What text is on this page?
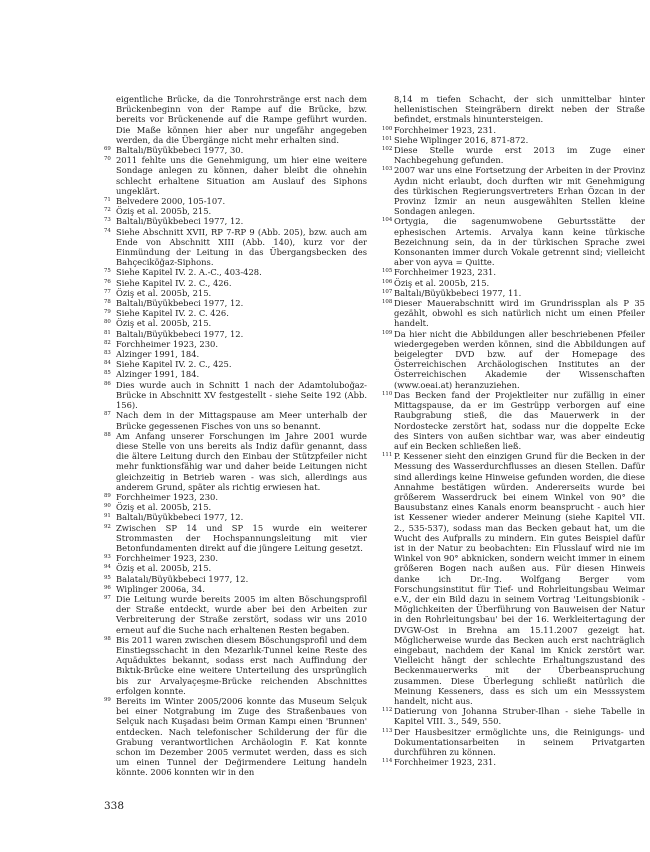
eigentliche Brücke, da die Tonrohrstränge erst nach dem Brückenbeginn von der Rampe auf die Brücke, bzw. bereits vor Brückenende auf die Rampe geführt wurden. Die Maße können hier aber nur ungefähr angegeben werden, da die Übergänge nicht mehr erhalten sind.

69 Baltalı/Büyükbebeci 1977, 30.

70 2011 fehlte uns die Genehmigung, um hier eine weitere Sondage anlegen zu können, daher bleibt die ohnehin schlecht erhaltene Situation am Auslauf des Siphons ungeklärt.

71 Belvedere 2000, 105-107.

72 Öziş et al. 2005b, 215.

73 Baltalı/Büyükbebeci 1977, 12.

74 Siehe Abschnitt XVII, RP 7-RP 9 (Abb. 205), bzw. auch am Ende von Abschnitt XIII (Abb. 140), kurz vor der Einmündung der Leitung in das Übergangsbecken des Bahçeciköğaz-Siphons.

75 Siehe Kapitel IV. 2. A.-C., 403-428.

76 Siehe Kapitel IV. 2. C., 426.

77 Öziş et al. 2005b, 215.

78 Baltalı/Büyükbebeci 1977, 12.

79 Siehe Kapitel IV. 2. C. 426.

80 Öziş et al. 2005b, 215.

81 Baltalı/Büyükbebeci 1977, 12.

82 Forchheimer 1923, 230.

83 Alzinger 1991, 184.

84 Siehe Kapitel IV. 2. C., 425.

85 Alzinger 1991, 184.

86 Dies wurde auch in Schnitt 1 nach der Adamtoluboğaz-Brücke in Abschnitt XV festgestellt - siehe Seite 192 (Abb. 156).

87 Nach dem in der Mittagspause am Meer unterhalb der Brücke gegessenen Fisches von uns so benannt.

88 Am Anfang unserer Forschungen im Jahre 2001 wurde diese Stelle von uns bereits als Indiz dafür genannt, dass die ältere Leitung durch den Einbau der Stützpfeiler nicht mehr funktionsfähig war und daher beide Leitungen nicht gleichzeitig in Betrieb waren - was sich, allerdings aus anderem Grund, später als richtig erwiesen hat.

89 Forchheimer 1923, 230.

90 Öziş et al. 2005b, 215.

91 Baltalı/Büyükbebeci 1977, 12.

92 Zwischen SP 14 und SP 15 wurde ein weiterer Strommasten der Hochspannungsleitung mit vier Betonfundamenten direkt auf die jüngere Leitung gesetzt.

93 Forchheimer 1923, 230.

94 Öziş et al. 2005b, 215.

95 Balatalı/Büyükbebeci 1977, 12.

96 Wiplinger 2006a, 34.

97 Die Leitung wurde bereits 2005 im alten Böschungsprofil der Straße entdeckt, wurde aber bei den Arbeiten zur Verbreiterung der Straße zerstört, sodass wir uns 2010 erneut auf die Suche nach erhaltenen Resten begaben.

98 Bis 2011 waren zwischen diesem Böschungsprofil und dem Einstiegsschacht in den Mezarlık-Tunnel keine Reste des Aquäduktes bekannt, sodass erst nach Auffindung der Bıktık-Brücke eine weitere Unterteilung des ursprünglich bis zur Arvalyaçeşme-Brücke reichenden Abschnittes erfolgen konnte.

99 Bereits im Winter 2005/2006 konnte das Museum Selçuk bei einer Notgrabung im Zuge des Straßenbaues von Selçuk nach Kuşadası beim Orman Kampı einen 'Brunnen' entdecken. Nach telefonischer Schilderung der für die Grabung verantwortlichen Archäologin F. Kat konnte schon im Dezember 2005 vermutet werden, dass es sich um einen Tunnel der Değirmendere Leitung handeln könnte. 2006 konnten wir in den

8,14 m tiefen Schacht, der sich unmittelbar hinter hellenistischen Steingräbern direkt neben der Straße befindet, erstmals hinuntersteigen.

100 Forchheimer 1923, 231.

101 Siehe Wiplinger 2016, 871-872.

102 Diese Stelle wurde erst 2013 im Zuge einer Nachbegehung gefunden.

103 2007 war uns eine Fortsetzung der Arbeiten in der Provinz Aydın nicht erlaubt, doch durften wir mit Genehmigung des türkischen Regierungsvertreters Erhan Özcan in der Provinz İzmir an neun ausgewählten Stellen kleine Sondagen anlegen.

104 Ortygia, die sagenumwobene Geburtsstätte der ephesischen Artemis. Arvalya kann keine türkische Bezeichnung sein, da in der türkischen Sprache zwei Konsonanten immer durch Vokale getrennt sind; vielleicht aber von ayva = Quitte.

105 Forchheimer 1923, 231.

106 Öziş et al. 2005b, 215.

107 Baltalı/Büyükbebeci 1977, 11.

108 Dieser Mauerabschnitt wird im Grundrissplan als P 35 gezählt, obwohl es sich natürlich nicht um einen Pfeiler handelt.

109 Da hier nicht die Abbildungen aller beschriebenen Pfeiler wiedergegeben werden können, sind die Abbildungen auf beigelegter DVD bzw. auf der Homepage des Österreichischen Archäologischen Institutes an der Österreichischen Akademie der Wissenschaften (www.oeai.at) heranzuziehen.

110 Das Becken fand der Projektleiter nur zufällig in einer Mittagspause, da er im Gestrüpp verborgen auf eine Raubgrabung stieß, die das Mauerwerk in der Nordostecke zerstört hat, sodass nur die doppelte Ecke des Sinters von außen sichtbar war, was aber eindeutig auf ein Becken schließen ließ.

111 P. Kessener sieht den einzigen Grund für die Becken in der Messung des Wasserdurchflusses an diesen Stellen. Dafür sind allerdings keine Hinweise gefunden worden, die diese Annahme bestätigen würden. Andererseits wurde bei größerem Wasserdruck bei einem Winkel von 90° die Bausubstanz eines Kanals enorm beansprucht - auch hier ist Kessener wieder anderer Meinung (siehe Kapitel VII. 2., 535-537), sodass man das Becken gebaut hat, um die Wucht des Aufpralls zu mindern. Ein gutes Beispiel dafür ist in der Natur zu beobachten: Ein Flusslauf wird nie im Winkel von 90° abknicken, sondern weicht immer in einem größeren Bogen nach außen aus. Für diesen Hinweis danke ich Dr.-Ing. Wolfgang Berger vom Forschungsinstitut für Tief- und Rohrleitungsbau Weimar e.V., der ein Bild dazu in seinem Vortrag 'Leitungsbionik - Möglichkeiten der Überführung von Bauweisen der Natur in den Rohrleitungsbau' bei der 16. Werkleitertagung der DVGW-Ost in Brehna am 15.11.2007 gezeigt hat. Möglicherweise wurde das Becken auch erst nachträglich eingebaut, nachdem der Kanal im Knick zerstört war. Vielleicht hängt der schlechte Erhaltungszustand des Beckenmauerwerks mit der Überbeanspruchung zusammen. Diese Überlegung schließt natürlich die Meinung Kesseners, dass es sich um ein Messsystem handelt, nicht aus.

112 Datierung von Johanna Struber-Ilhan - siehe Tabelle in Kapitel VIII. 3., 549, 550.

113 Der Hausbesitzer ermöglichte uns, die Reinigungs- und Dokumentationsarbeiten in seinem Privatgarten durchführen zu können.

114 Forchheimer 1923, 231.

338
